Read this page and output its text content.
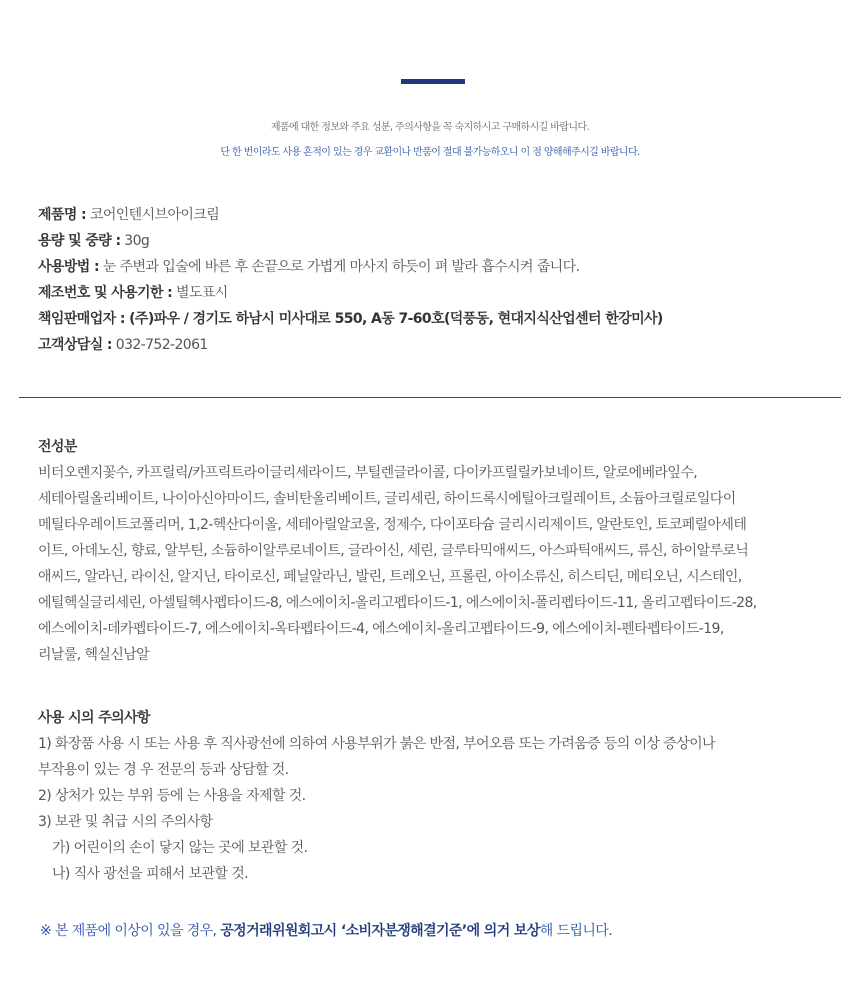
제품에 대한 정보와 주요 성분, 주의사항을 꼭 숙지하시고 구매하시길 바랍니다.
단 한 번이라도 사용 흔적이 있는 경우 교환이나 반품이 절대 불가능하오니 이 점 양해해주시길 바랍니다.
제품명 : 코어인텐시브아이크림
용량 및 중량 : 30g
사용방법 : 눈 주변과 입술에 바른 후 손끝으로 가볍게 마사지 하듯이 펴 발라 흡수시켜 줍니다.
제조번호 및 사용기한 : 별도표시
책임판매업자 : (주)파우 / 경기도 하남시 미사대로 550, A동 7-60호(덕풍동, 현대지식산업센터 한강미사)
고객상담실 : 032-752-2061
전성분
비터오렌지꽃수, 카프릴릭/카프릭트라이글리세라이드, 부틸렌글라이콜, 다이카프릴릴카보네이트, 알로에베라잎수,
세테아릴올리베이트, 나이아신아마이드, 솔비탄올리베이트, 글리세린, 하이드록시에틸아크릴레이트, 소듐아크릴로일다이
메틸타우레이트코폴리머, 1,2-헥산다이올, 세테아릴알코올, 정제수, 다이포타슘 글리시리제이트, 알란토인, 토코페릴아세테
이트, 아데노신, 향료, 알부틴, 소듐하이알루로네이트, 글라이신, 세린, 글루타믹애씨드, 아스파틱애씨드, 류신, 하이알루로닉
애씨드, 알라닌, 라이신, 알지닌, 타이로신, 페닐알라닌, 발린, 트레오닌, 프롤린, 아이소류신, 히스티딘, 메티오닌, 시스테인,
에틸헥실글리세린, 아셀틸헥사펩타이드-8, 에스에이치-올리고펩타이드-1, 에스에이치-폴리펩타이드-11, 올리고펩타이드-28,
에스에이치-데카펩타이드-7, 에스에이치-옥타펩타이드-4, 에스에이치-올리고펩타이드-9, 에스에이치-펜타펩타이드-19,
리날룰, 헥실신남알
사용 시의 주의사항
1) 화장품 사용 시 또는 사용 후 직사광선에 의하여 사용부위가 붉은 반점, 부어오름 또는 가려움증 등의 이상 증상이나
부작용이 있는 경 우 전문의 등과 상담할 것.
2) 상처가 있는 부위 등에 는 사용을 자제할 것.
3) 보관 및 취급 시의 주의사항
가) 어린이의 손이 닿지 않는 곳에 보관할 것.
나) 직사 광선을 피해서 보관할 것.
※ 본 제품에 이상이 있을 경우, 공정거래위원회고시 ‘소비자분쟁해결기준’에 의거 보상해 드립니다.
